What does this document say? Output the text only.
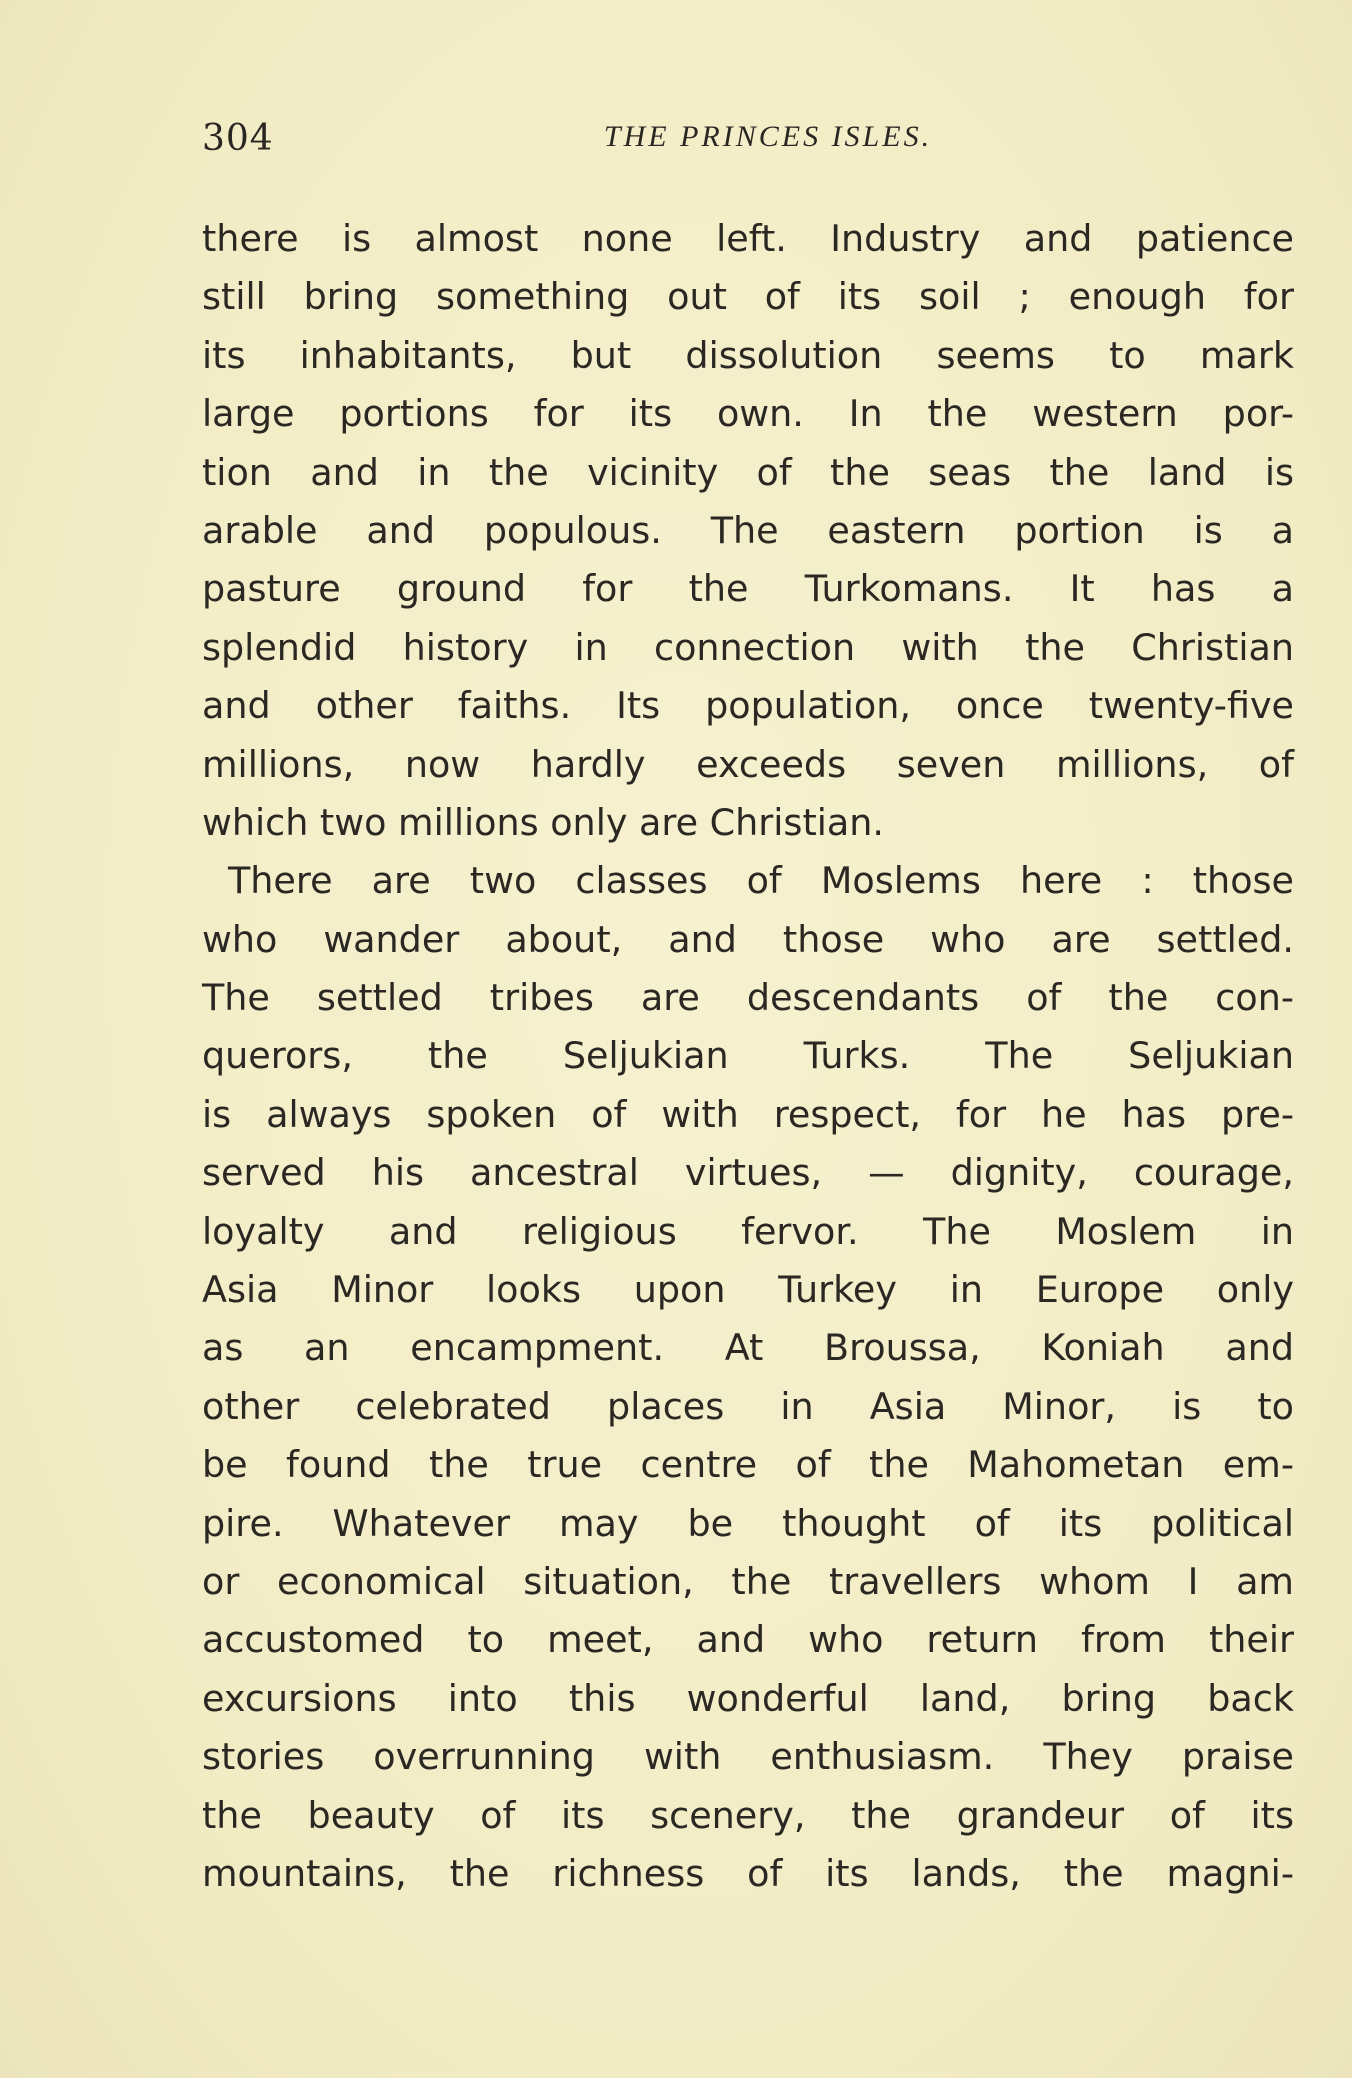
304	THE PRINCES ISLES.
there is almost none left. Industry and patience
still bring something out of its soil ; enough for
its inhabitants, but dissolution seems to mark
large portions for its own. In the western por-
tion and in the vicinity of the seas the land is
arable and populous. The eastern portion is a
pasture ground for the Turkomans. It has a
splendid history in connection with the Christian
and other faiths. Its population, once twenty-five
millions, now hardly exceeds seven millions, of
which two millions only are Christian.
There are two classes of Moslems here : those
who wander about, and those who are settled.
The settled tribes are descendants of the con-
querors, the Seljukian Turks. The Seljukian
is always spoken of with respect, for he has pre-
served his ancestral virtues, — dignity, courage,
loyalty and religious fervor. The Moslem in
Asia Minor looks upon Turkey in Europe only
as an encampment. At Broussa, Koniah and
other celebrated places in Asia Minor, is to
be found the true centre of the Mahometan em-
pire. Whatever may be thought of its political
or economical situation, the travellers whom I am
accustomed to meet, and who return from their
excursions into this wonderful land, bring back
stories overrunning with enthusiasm. They praise
the beauty of its scenery, the grandeur of its
mountains, the richness of its lands, the magni-
